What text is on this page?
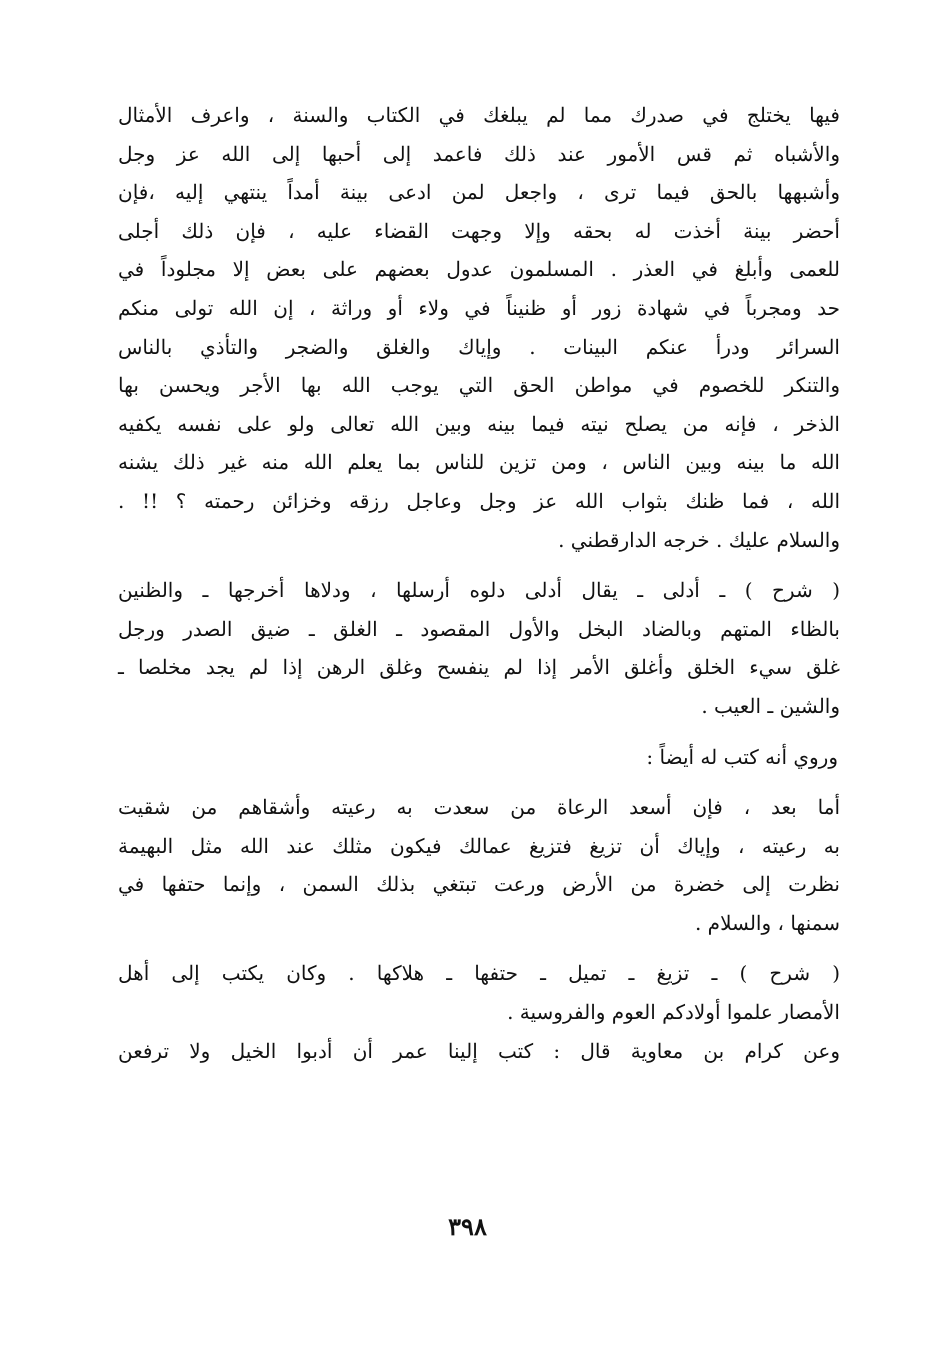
فيها يختلج في صدرك مما لم يبلغك في الكتاب والسنة ، واعرف الأمثال
والأشباه ثم قس الأمور عند ذلك فاعمد إلى أحبها إلى الله عز وجل
وأشبهها بالحق فيما ترى ، واجعل لمن ادعى بينة أمداً ينتهي إليه ،فإن
أحضر بينة أخذت له بحقه وإلا وجهت القضاء عليه ، فإن ذلك أجلى
للعمى وأبلغ في العذر . المسلمون عدول بعضهم على بعض إلا مجلوداً في
حد ومجرباً في شهادة زور أو ظنيناً في ولاء أو وراثة ، إن الله تولى منكم
السرائر ودرأ عنكم البينات . وإياك والغلق والضجر والتأذي بالناس
والتنكر للخصوم في مواطن الحق التي يوجب الله بها الأجر ويحسن بها
الذخر ، فإنه من يصلح نيته فيما بينه وبين الله تعالى ولو على نفسه يكفيه
الله ما بينه وبين الناس ، ومن تزين للناس بما يعلم الله منه غير ذلك يشنه
الله ، فما ظنك بثواب الله عز وجل وعاجل رزقه وخزائن رحمته ؟ !! .
والسلام عليك . خرجه الدارقطني .
( شرح ) ـ أدلى ـ يقال أدلى دلوه أرسلها ، ودلاها أخرجها ـ والظنين
بالظاء المتهم وبالضاد البخل والأول المقصود ـ الغلق ـ ضيق الصدر ورجل
غلق سيء الخلق وأغلق الأمر إذا لم ينفسح وغلق الرهن إذا لم يجد مخلصا ـ
والشين ـ العيب .
وروي أنه كتب له أيضاً :
أما بعد ، فإن أسعد الرعاة من سعدت به رعيته وأشقاهم من شقيت
به رعيته ، وإياك أن تزيغ فتزيغ عمالك فيكون مثلك عند الله مثل البهيمة
نظرت إلى خضرة من الأرض ورعت تبتغي بذلك السمن ، وإنما حتفها في
سمنها ، والسلام .
( شرح ) ـ تزيغ ـ تميل ـ حتفها ـ هلاكها . وكان يكتب إلى أهل
الأمصار علموا أولادكم العوم والفروسية .
وعن كرام بن معاوية قال : كتب إلينا عمر أن أدبوا الخيل ولا ترفعن
٣٩٨
